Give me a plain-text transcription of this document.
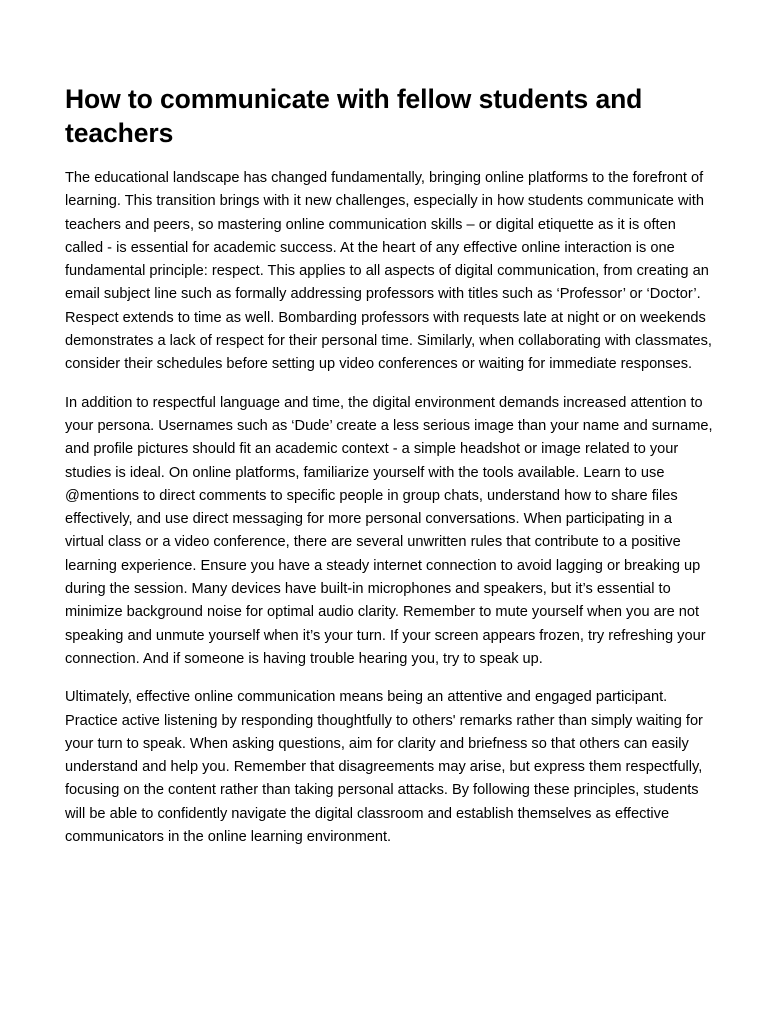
How to communicate with fellow students and teachers

The educational landscape has changed fundamentally, bringing online platforms to the forefront of learning. This transition brings with it new challenges, especially in how students communicate with teachers and peers, so mastering online communication skills – or digital etiquette as it is often called - is essential for academic success. At the heart of any effective online interaction is one fundamental principle: respect. This applies to all aspects of digital communication, from creating an email subject line such as formally addressing professors with titles such as ‘Professor’ or ‘Doctor’. Respect extends to time as well. Bombarding professors with requests late at night or on weekends demonstrates a lack of respect for their personal time. Similarly, when collaborating with classmates, consider their schedules before setting up video conferences or waiting for immediate responses.

In addition to respectful language and time, the digital environment demands increased attention to your persona. Usernames such as ‘Dude’ create a less serious image than your name and surname, and profile pictures should fit an academic context - a simple headshot or image related to your studies is ideal. On online platforms, familiarize yourself with the tools available. Learn to use @mentions to direct comments to specific people in group chats, understand how to share files effectively, and use direct messaging for more personal conversations. When participating in a virtual class or a video conference, there are several unwritten rules that contribute to a positive learning experience. Ensure you have a steady internet connection to avoid lagging or breaking up during the session. Many devices have built-in microphones and speakers, but it’s essential to minimize background noise for optimal audio clarity. Remember to mute yourself when you are not speaking and unmute yourself when it’s your turn. If your screen appears frozen, try refreshing your connection. And if someone is having trouble hearing you, try to speak up.

Ultimately, effective online communication means being an attentive and engaged participant. Practice active listening by responding thoughtfully to others' remarks rather than simply waiting for your turn to speak. When asking questions, aim for clarity and briefness so that others can easily understand and help you. Remember that disagreements may arise, but express them respectfully, focusing on the content rather than taking personal attacks. By following these principles, students will be able to confidently navigate the digital classroom and establish themselves as effective communicators in the online learning environment.
